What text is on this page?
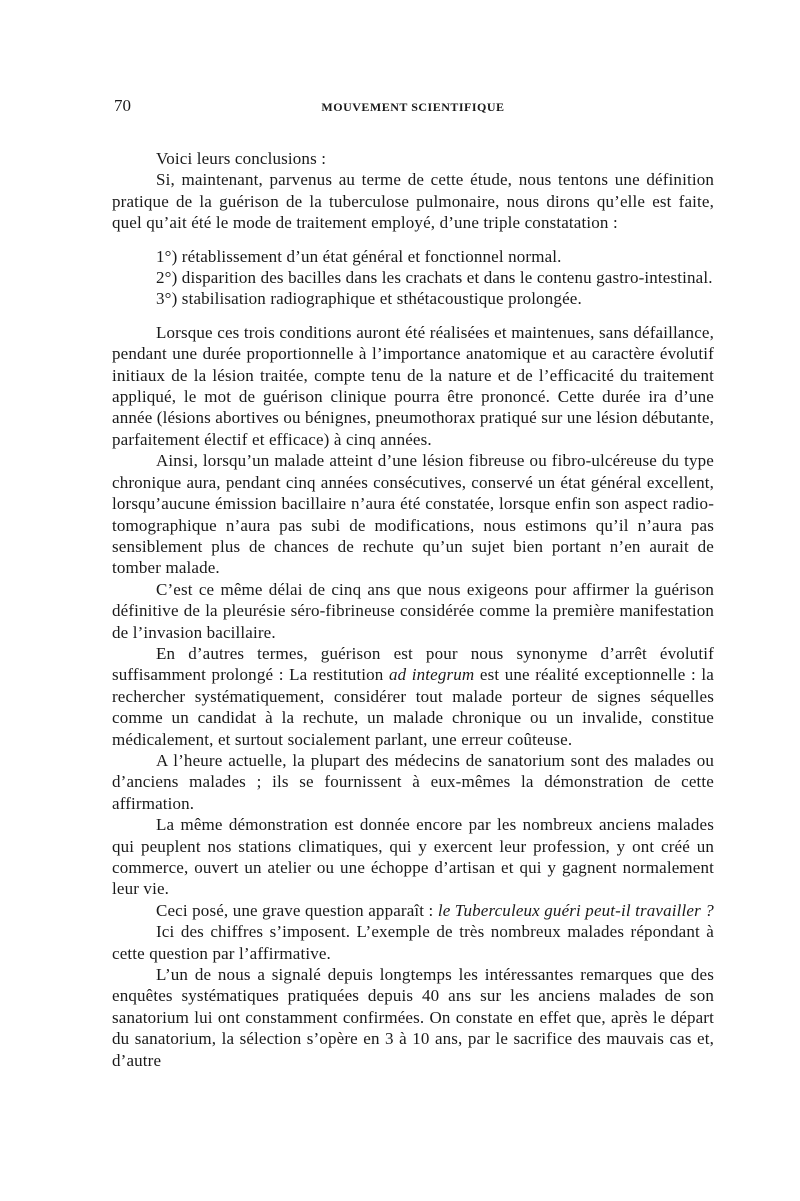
70	MOUVEMENT SCIENTIFIQUE

Voici leurs conclusions :

Si, maintenant, parvenus au terme de cette étude, nous tentons une définition pratique de la guérison de la tuberculose pulmonaire, nous dirons qu’elle est faite, quel qu’ait été le mode de traitement employé, d’une triple constatation :

1°) rétablissement d’un état général et fonctionnel normal.

2°) disparition des bacilles dans les crachats et dans le contenu gastro-intestinal.

3°) stabilisation radiographique et sthétacoustique prolongée.

Lorsque ces trois conditions auront été réalisées et maintenues, sans défaillance, pendant une durée proportionnelle à l’importance anatomique et au caractère évolutif initiaux de la lésion traitée, compte tenu de la nature et de l’efficacité du traitement appliqué, le mot de guérison clinique pourra être prononcé. Cette durée ira d’une année (lésions abortives ou bénignes, pneumothorax pratiqué sur une lésion débutante, parfaitement électif et efficace) à cinq années.

Ainsi, lorsqu’un malade atteint d’une lésion fibreuse ou fibro-ulcéreuse du type chronique aura, pendant cinq années consécutives, conservé un état général excellent, lorsqu’aucune émission bacillaire n’aura été constatée, lorsque enfin son aspect radio-tomographique n’aura pas subi de modifications, nous estimons qu’il n’aura pas sensiblement plus de chances de rechute qu’un sujet bien portant n’en aurait de tomber malade.

C’est ce même délai de cinq ans que nous exigeons pour affirmer la guérison définitive de la pleurésie séro-fibrineuse considérée comme la première manifestation de l’invasion bacillaire.

En d’autres termes, guérison est pour nous synonyme d’arrêt évolutif suffisamment prolongé : La restitution ad integrum est une réalité exceptionnelle : la rechercher systématiquement, considérer tout malade porteur de signes séquelles comme un candidat à la rechute, un malade chronique ou un invalide, constitue médicalement, et surtout socialement parlant, une erreur coûteuse.

A l’heure actuelle, la plupart des médecins de sanatorium sont des malades ou d’anciens malades ; ils se fournissent à eux-mêmes la démonstration de cette affirmation.

La même démonstration est donnée encore par les nombreux anciens malades qui peuplent nos stations climatiques, qui y exercent leur profession, y ont créé un commerce, ouvert un atelier ou une échoppe d’artisan et qui y gagnent normalement leur vie.

Ceci posé, une grave question apparaît : le Tuberculeux guéri peut-il travailler ?

Ici des chiffres s’imposent. L’exemple de très nombreux malades répondant à cette question par l’affirmative.

L’un de nous a signalé depuis longtemps les intéressantes remarques que des enquêtes systématiques pratiquées depuis 40 ans sur les anciens malades de son sanatorium lui ont constamment confirmées. On constate en effet que, après le départ du sanatorium, la sélection s’opère en 3 à 10 ans, par le sacrifice des mauvais cas et, d’autre
